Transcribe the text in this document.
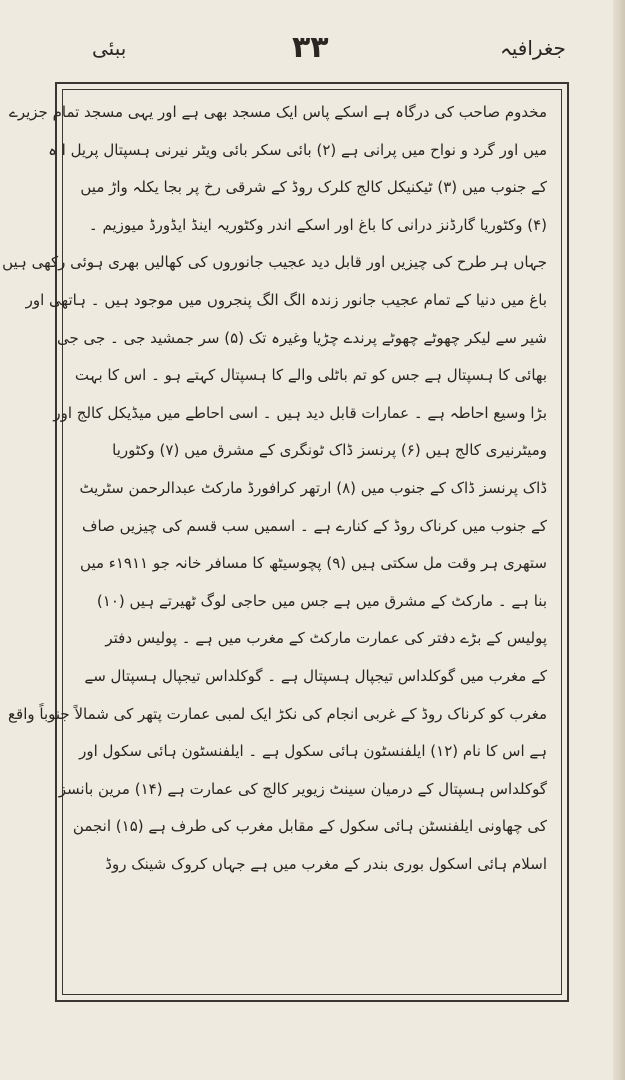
ببئی	۳۳	جغرافیہ
مخدوم صاحب کی درگاہ ہے اسکے پاس ایک مسجد بھی ہے اور یہی مسجد تمام جزیرے
میں اور گرد و نواح میں پرانی ہے (۲) بائی سکر بائی ویٹر نیرنی ہسپتال پریل ا ہ
کے جنوب میں (۳) ٹیکنیکل کالج کلرک روڈ کے شرقی رخ پر بجا یکلہ واڑ میں
(۴) وکٹوریا گارڈنز درانی کا باغ اور اسکے اندر وکٹوریہ اینڈ ایڈورڈ میوزیم ۔
جہاں ہر طرح کی چیزیں اور قابل دید عجیب جانوروں کی کھالیں بھری ہوئی رکھی ہیں
باغ میں دنیا کے تمام عجیب جانور زندہ الگ الگ پنجروں میں موجود ہیں ۔ ہاتھی اور
شیر سے لیکر چھوٹے چھوٹے پرندے چڑیا وغیرہ تک (۵) سر جمشید جی ۔ جی جی
بھائی کا ہسپتال ہے جس کو تم باٹلی والے کا ہسپتال کہتے ہو ۔ اس کا بہت
بڑا وسیع احاطہ ہے ۔ عمارات قابل دید ہیں ۔ اسی احاطے میں میڈیکل کالج اور
ومیٹرنیری کالج ہیں (۶) پرنسز ڈاک ٹونگری کے مشرق میں (۷) وکٹوریا
ڈاک پرنسز ڈاک کے جنوب میں (۸) ارتھر کرافورڈ مارکٹ عبدالرحمن سٹریٹ
کے جنوب میں کرناک روڈ کے کنارے ہے ۔ اسمیں سب قسم کی چیزیں صاف
ستھری ہر وقت مل سکتی ہیں (۹) پچوسیٹھ کا مسافر خانہ جو ۱۹۱۱ء میں
بنا ہے ۔ مارکٹ کے مشرق میں ہے جس میں حاجی لوگ ٹھیرتے ہیں (۱۰)
پولیس کے بڑے دفتر کی عمارت مارکٹ کے مغرب میں ہے ۔ پولیس دفتر
کے مغرب میں گوکلداس تیجپال ہسپتال ہے ۔ گوکلداس تیجپال ہسپتال سے
مغرب کو کرناک روڈ کے غربی انجام کی نکڑ ایک لمبی عمارت پتھر کی شمالاً جنوباً واقع
ہے اس کا نام (۱۲) ایلفنسٹون ہائی سکول ہے ۔ ایلفنسٹون ہائی سکول اور
گوکلداس ہسپتال کے درمیان سینٹ زیویر کالج کی عمارت ہے (۱۴) مرین بانسز
کی چھاونی ایلفنسٹن ہائی سکول کے مقابل مغرب کی طرف ہے (۱۵) انجمن
اسلام ہائی اسکول بوری بندر کے مغرب میں ہے جہاں کروک شینک روڈ
